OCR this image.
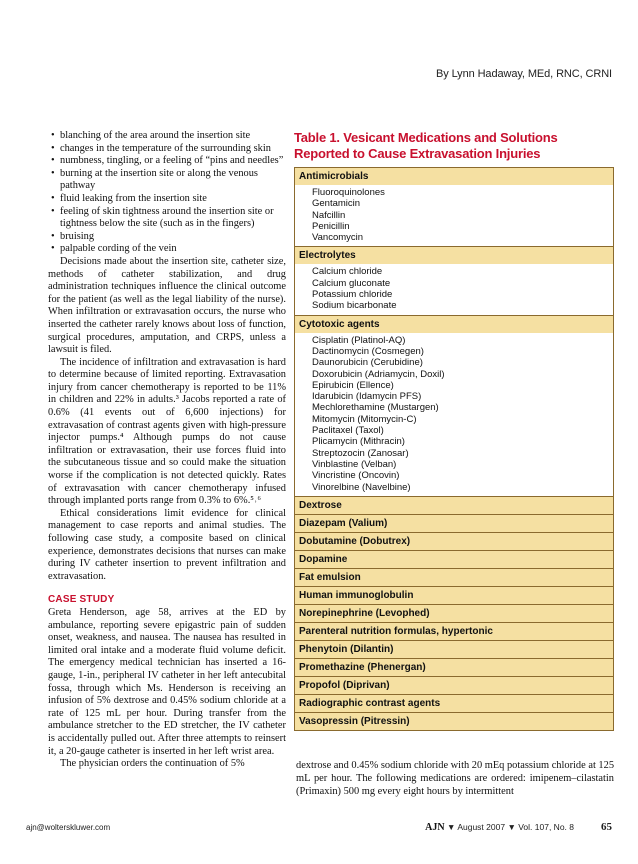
By Lynn Hadaway, MEd, RNC, CRNI
• blanching of the area around the insertion site
• changes in the temperature of the surrounding skin
• numbness, tingling, or a feeling of “pins and needles”
• burning at the insertion site or along the venous pathway
• fluid leaking from the insertion site
• feeling of skin tightness around the insertion site or tightness below the site (such as in the fingers)
• bruising
• palpable cording of the vein

Decisions made about the insertion site, catheter size, methods of catheter stabilization, and drug administration techniques influence the clinical outcome for the patient (as well as the legal liability of the nurse). When infiltration or extravasation occurs, the nurse who inserted the catheter rarely knows about loss of function, surgical procedures, amputation, and CRPS, unless a lawsuit is filed.

The incidence of infiltration and extravasation is hard to determine because of limited reporting. Extravasation injury from cancer chemotherapy is reported to be 11% in children and 22% in adults.³ Jacobs reported a rate of 0.6% (41 events out of 6,600 injections) for extravasation of contrast agents given with high-pressure injector pumps.⁴ Although pumps do not cause infiltration or extravasation, their use forces fluid into the subcutaneous tissue and so could make the situation worse if the complication is not detected quickly. Rates of extravasation with cancer chemotherapy infused through implanted ports range from 0.3% to 6%.⁵˒⁶

Ethical considerations limit evidence for clinical management to case reports and animal studies. The following case study, a composite based on clinical experience, demonstrates decisions that nurses can make during IV catheter insertion to prevent infiltration and extravasation.

CASE STUDY

Greta Henderson, age 58, arrives at the ED by ambulance, reporting severe epigastric pain of sudden onset, weakness, and nausea. The nausea has resulted in limited oral intake and a moderate fluid volume deficit. The emergency medical technician has inserted a 16-gauge, 1-in., peripheral IV catheter in her left antecubital fossa, through which Ms. Henderson is receiving an infusion of 5% dextrose and 0.45% sodium chloride at a rate of 125 mL per hour. During transfer from the ambulance stretcher to the ED stretcher, the IV catheter is accidentally pulled out. After three attempts to reinsert it, a 20-gauge catheter is inserted in her left wrist area.

The physician orders the continuation of 5%

Table 1. Vesicant Medications and Solutions Reported to Cause Extravasation Injuries
Antimicrobials
Fluoroquinolones
Gentamicin
Nafcillin
Penicillin
Vancomycin
Electrolytes
Calcium chloride
Calcium gluconate
Potassium chloride
Sodium bicarbonate
Cytotoxic agents
Cisplatin (Platinol-AQ)
Dactinomycin (Cosmegen)
Daunorubicin (Cerubidine)
Doxorubicin (Adriamycin, Doxil)
Epirubicin (Ellence)
Idarubicin (Idamycin PFS)
Mechlorethamine (Mustargen)
Mitomycin (Mitomycin-C)
Paclitaxel (Taxol)
Plicamycin (Mithracin)
Streptozocin (Zanosar)
Vinblastine (Velban)
Vincristine (Oncovin)
Vinorelbine (Navelbine)
Dextrose
Diazepam (Valium)
Dobutamine (Dobutrex)
Dopamine
Fat emulsion
Human immunoglobulin
Norepinephrine (Levophed)
Parenteral nutrition formulas, hypertonic
Phenytoin (Dilantin)
Promethazine (Phenergan)
Propofol (Diprivan)
Radiographic contrast agents
Vasopressin (Pitressin)

dextrose and 0.45% sodium chloride with 20 mEq potassium chloride at 125 mL per hour. The following medications are ordered: imipenem–cilastatin (Primaxin) 500 mg every eight hours by intermittent

ajn@wolterskluwer.com	AJN ▼ August 2007 ▼ Vol. 107, No. 8 65
